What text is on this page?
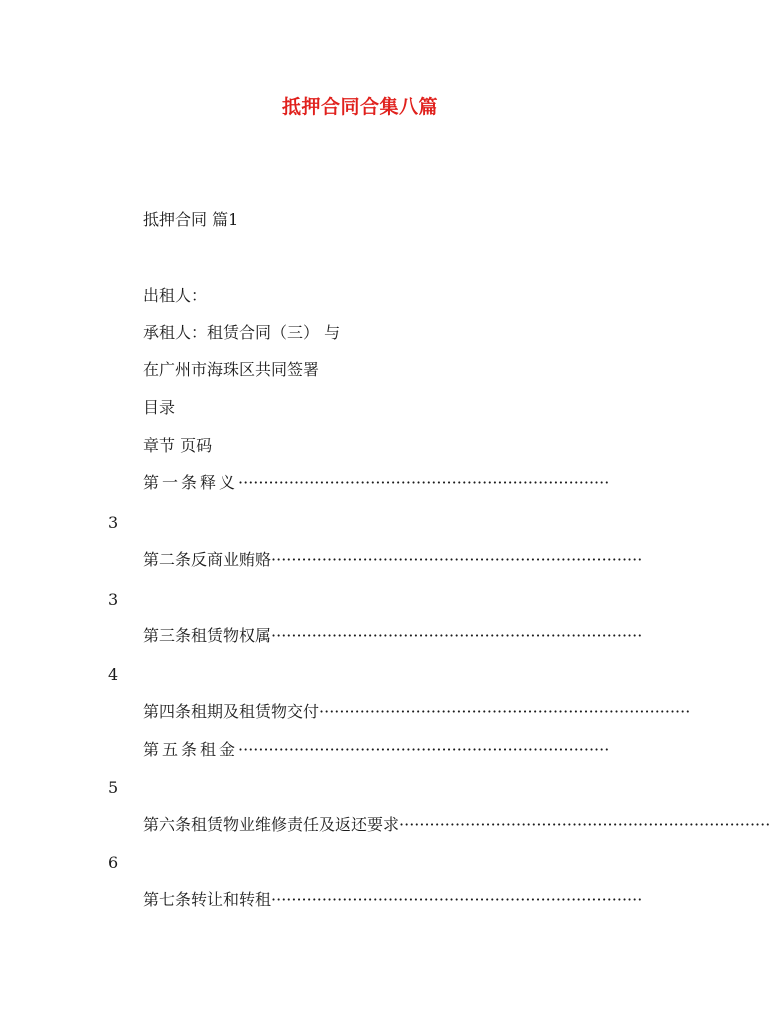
抵押合同合集八篇
抵押合同 篇1
出租人：
承租人：租赁合同（三） 与
在广州市海珠区共同签署
目录
章节 页码
第一条释义·········································································
3
第二条反商业贿赂·········································································
3
第三条租赁物权属·········································································
4
第四条租期及租赁物交付·········································································
第五条租金·········································································
5
第六条租赁物业维修责任及返还要求·········································································
6
第七条转让和转租·········································································
